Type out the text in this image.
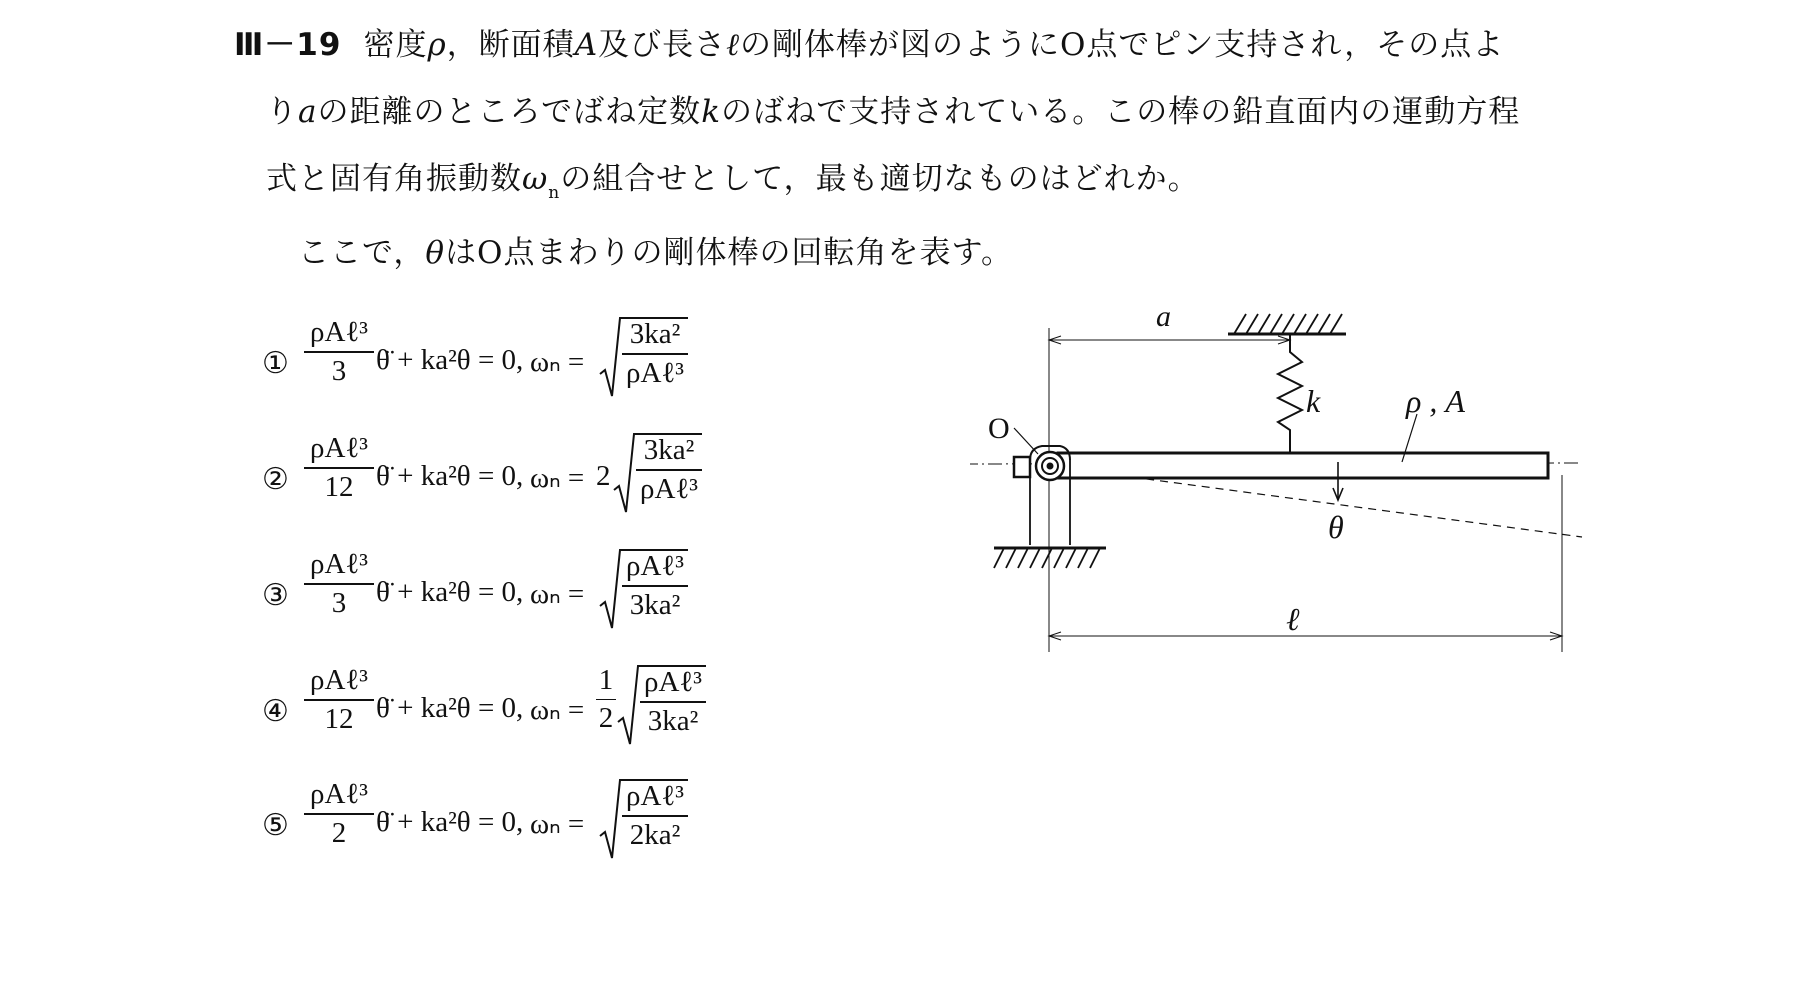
Ⅲ－19 密度ρ，断面積A及び長さℓの剛体棒が図のようにO点でピン支持され，その点よ
りaの距離のところでばね定数kのばねで支持されている。この棒の鉛直面内の運動方程
式と固有角振動数$\omega_n$の組合せとして，最も適切なものはどれか。
ここで，θはO点まわりの剛体棒の回転角を表す。
①
ρAℓ³
3	θ̈ + ka²θ = 0, ωₙ =
3ka²
ρAℓ³
②
ρAℓ³
12 θ̈ + ka²θ = 0, ωₙ = 2
3ka²
ρAℓ³
③
ρAℓ³
3	θ̈ + ka²θ = 0, ωₙ =
ρAℓ³
3ka²
④
ρAℓ³
12 θ̈ + ka²θ = 0, ωₙ =
1
2
ρAℓ³
3ka²
⑤
ρAℓ³
2	θ̈ + ka²θ = 0, ωₙ =
ρAℓ³
2ka²
a
k	ρ , A
O
θ
ℓ
